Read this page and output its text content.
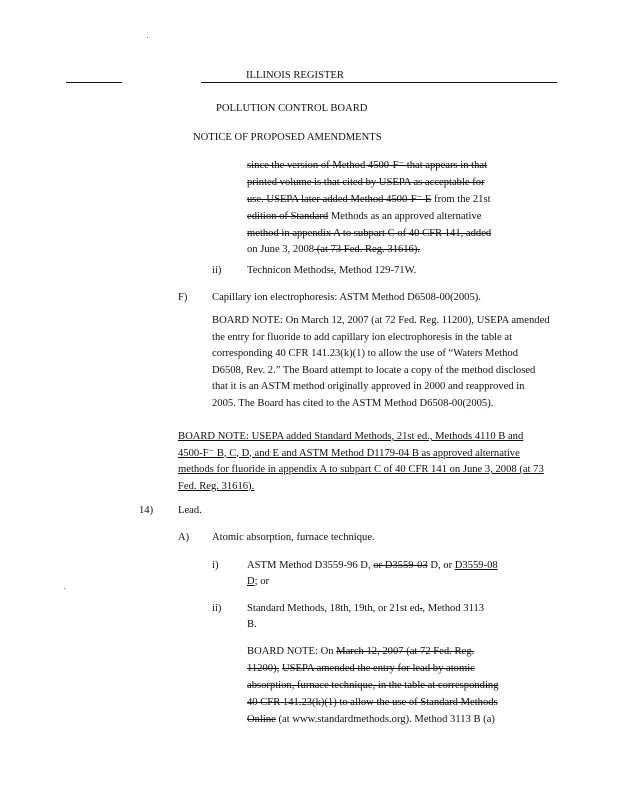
ILLINOIS REGISTER
POLLUTION CONTROL BOARD
NOTICE OF PROPOSED AMENDMENTS
since the version of Method 4500-F⁻ that appears in that
printed volume is that cited by USEPA as acceptable for
use. USEPA later added Method 4500-F⁻ E from the 21st
edition of Standard Methods as an approved alternative
method in appendix A to subpart C of 40 CFR 141, added
on June 3, 2008 (at 73 Fed. Reg. 31616).
ii) Technicon Methods:, Method 129-71W.
F) Capillary ion electrophoresis: ASTM Method D6508-00(2005).
BOARD NOTE: On March 12, 2007 (at 72 Fed. Reg. 11200), USEPA amended the entry for fluoride to add capillary ion electrophoresis in the table at corresponding 40 CFR 141.23(k)(1) to allow the use of “Waters Method D6508, Rev. 2.” The Board attempt to locate a copy of the method disclosed that it is an ASTM method originally approved in 2000 and reapproved in 2005. The Board has cited to the ASTM Method D6508-00(2005).
BOARD NOTE: USEPA added Standard Methods, 21st ed., Methods 4110 B and 4500-F⁻ B, C, D, and E and ASTM Method D1179-04 B as approved alternative methods for fluoride in appendix A to subpart C of 40 CFR 141 on June 3, 2008 (at 73 Fed. Reg. 31616).
14) Lead.
A) Atomic absorption, furnace technique.
i)	ASTM Method D3559-96 D, or D3559-03 D, or D3559-08
D; or
ii) Standard Methods, 18th, 19th, or 21st ed., Method 3113
B.
BOARD NOTE: On March 12, 2007 (at 72 Fed. Reg.
11200), USEPA amended the entry for lead by atomic
absorption, furnace technique, in the table at corresponding
40 CFR 141.23(k)(1) to allow the use of Standard Methods
Online (at www.standardmethods.org). Method 3113 B (a)
